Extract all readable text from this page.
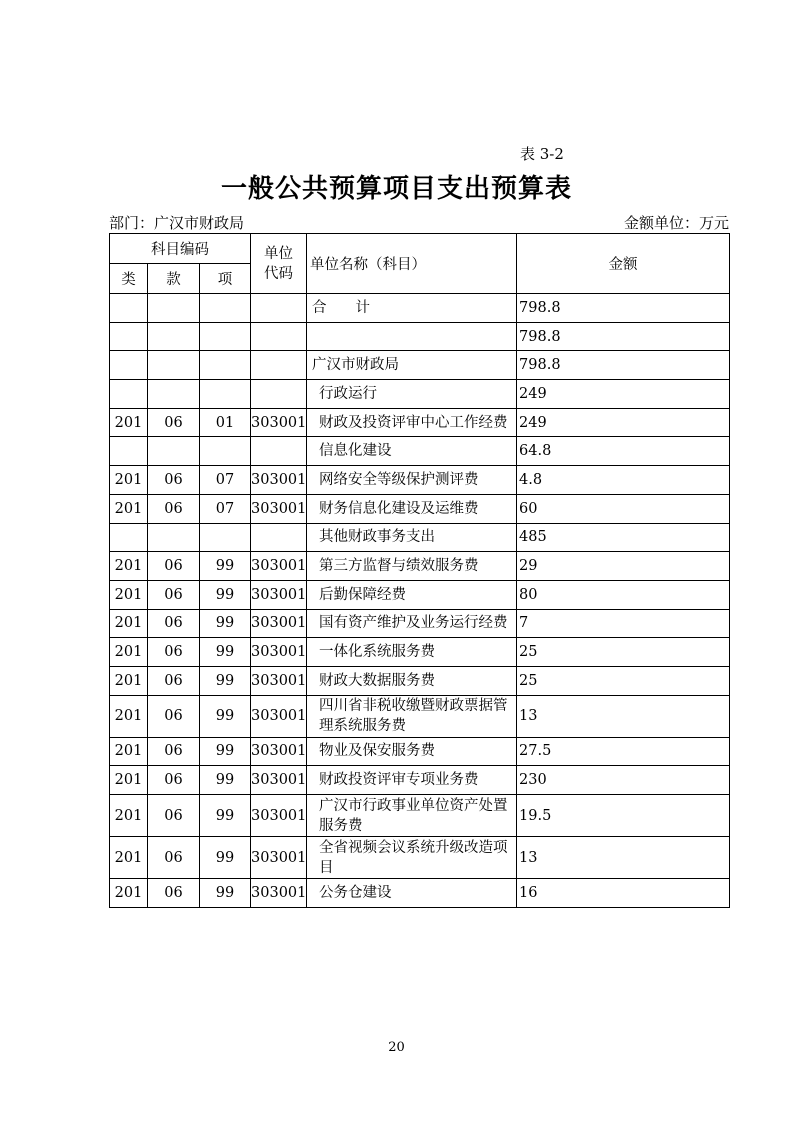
表 3-2
一般公共预算项目支出预算表
部门：广汉市财政局	金额单位：万元
科目编码			单位代码	单位名称（科目）	金额
类	款	项			
				合　　计	798.8
					798.8
				广汉市财政局	798.8
				行政运行	249
201	06	01	303001	财政及投资评审中心工作经费	249
				信息化建设	64.8
201	06	07	303001	网络安全等级保护测评费	4.8
201	06	07	303001	财务信息化建设及运维费	60
				其他财政事务支出	485
201	06	99	303001	第三方监督与绩效服务费	29
201	06	99	303001	后勤保障经费	80
201	06	99	303001	国有资产维护及业务运行经费	7
201	06	99	303001	一体化系统服务费	25
201	06	99	303001	财政大数据服务费	25
201	06	99	303001	四川省非税收缴暨财政票据管理系统服务费	13
201	06	99	303001	物业及保安服务费	27.5
201	06	99	303001	财政投资评审专项业务费	230
201	06	99	303001	广汉市行政事业单位资产处置服务费	19.5
201	06	99	303001	全省视频会议系统升级改造项目	13
201	06	99	303001	公务仓建设	16
20
